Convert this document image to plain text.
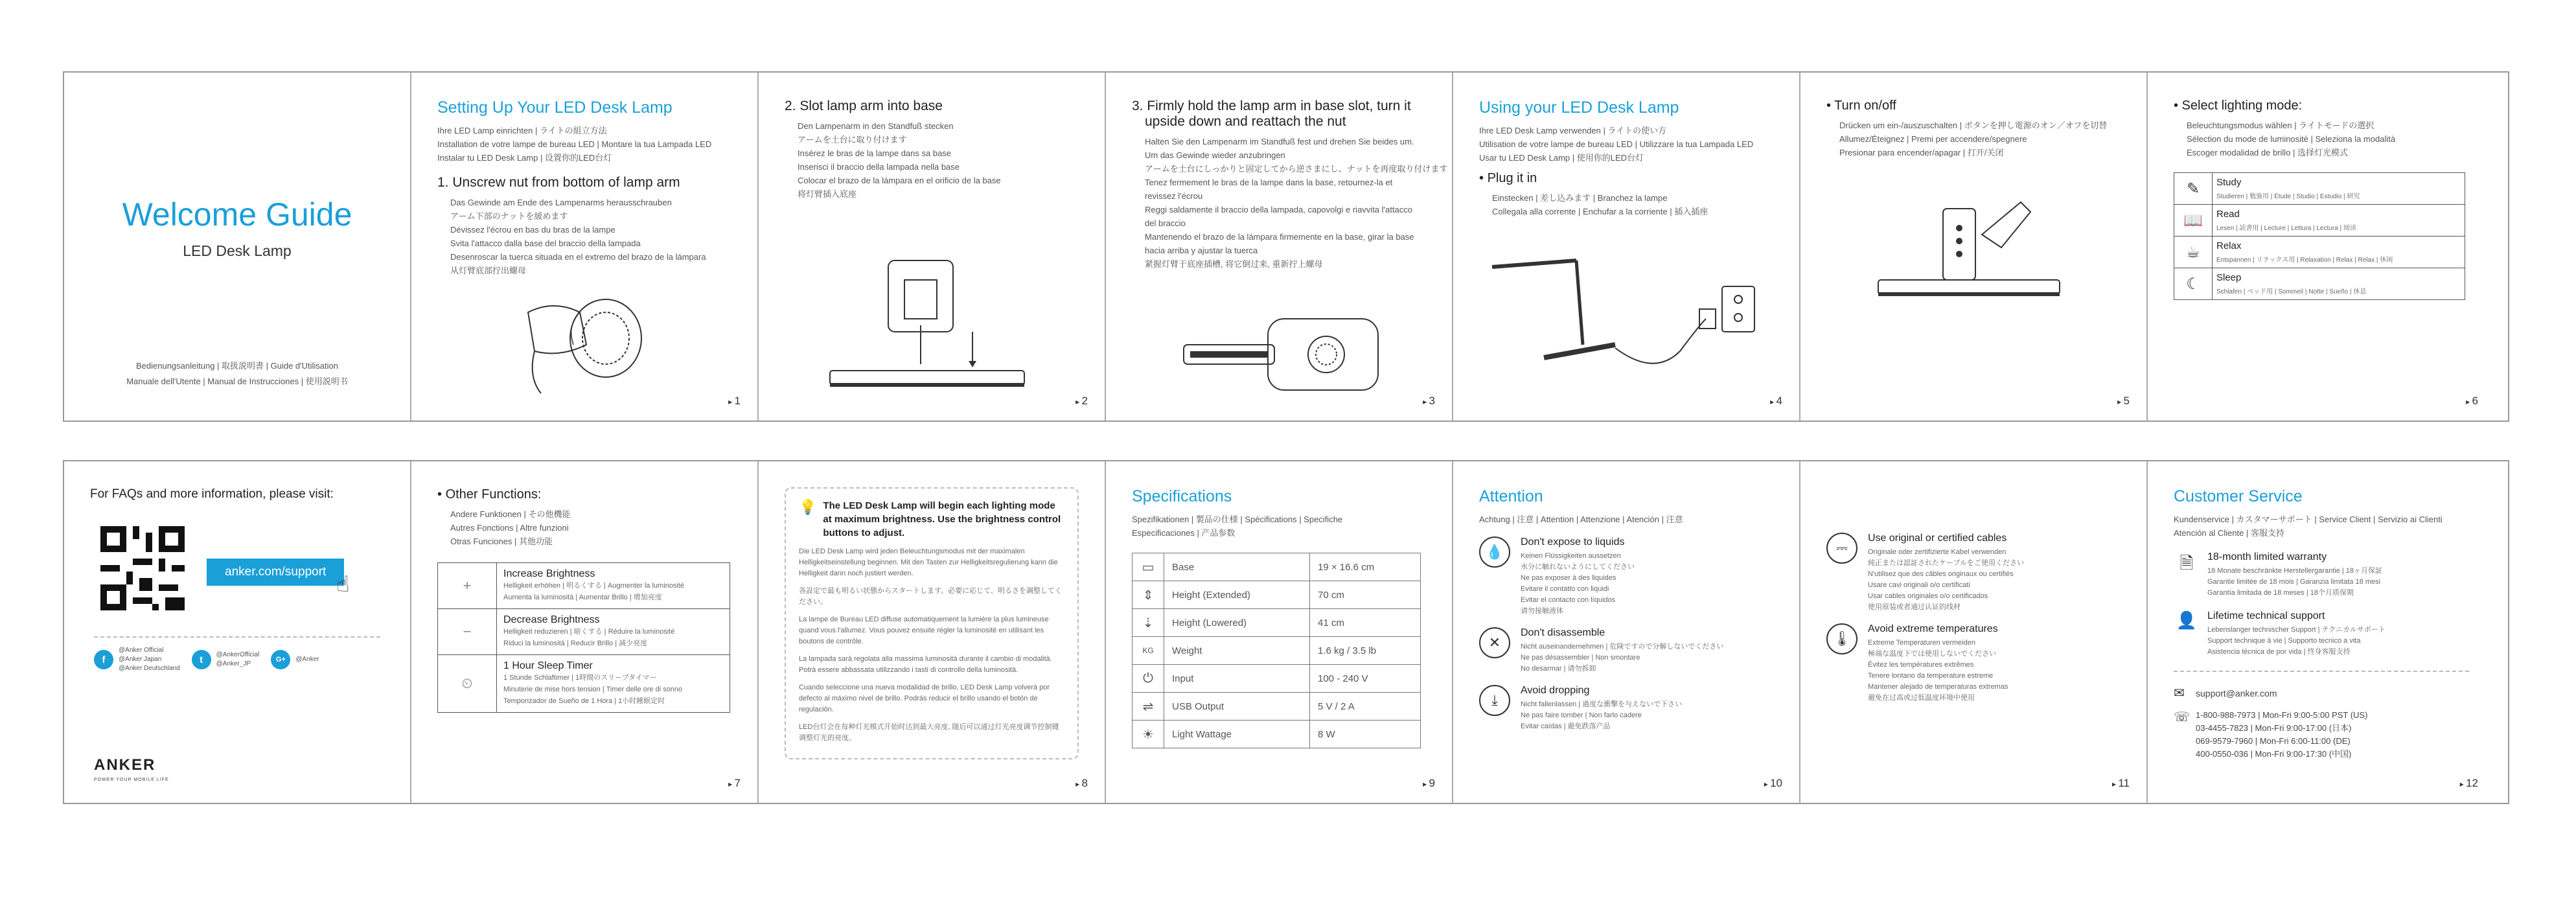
Welcome Guide
LED Desk Lamp
Bedienungsanleitung | 取扱説明書 | Guide d'Utilisation
Manuale dell'Utente | Manual de Instrucciones | 使用説明书
Setting Up Your LED Desk Lamp
Ihre LED Lamp einrichten | ライトの組立方法
Installation de votre lampe de bureau LED | Montare la tua Lampada LED
Instalar tu LED Desk Lamp | 设置你的LED台灯
1. Unscrew nut from bottom of lamp arm
Das Gewinde am Ende des Lampenarms herausschrauben
アーム下部のナットを緩めます
Dévissez l'écrou en bas du bras de la lampe
Svita l'attacco dalla base del braccio della lampada
Desenroscar la tuerca situada en el extremo del brazo de la lámpara
从灯臂底部拧出螺母
▸ 1
2. Slot lamp arm into base
Den Lampenarm in den Standfuß stecken
アームを土台に取り付けます
Insérez le bras de la lampe dans sa base
Inserisci il braccio della lampada nella base
Colocar el brazo de la lámpara en el orificio de la base
将灯臂插入底座
▸ 2
3. Firmly hold the lamp arm in base slot, turn it
upside down and reattach the nut
Halten Sie den Lampenarm im Standfuß fest und drehen Sie beides um.
Um das Gewinde wieder anzubringen
アームを土台にしっかりと固定してから逆さまにし、ナットを再度取り付けます
Tenez fermement le bras de la lampe dans la base, retournez-la et
revissez l'écrou
Reggi saldamente il braccio della lampada, capovolgi e riavvita l'attacco
del braccio
Mantenendo el brazo de la lámpara firmemente en la base, girar la base
hacia arriba y ajustar la tuerca
紧握灯臂于底座插槽, 将它倒过来, 重新拧上螺母
▸ 3
Using your LED Desk Lamp
Ihre LED Desk Lamp verwenden | ライトの使い方
Utilisation de votre lampe de bureau LED | Utilizzare la tua Lampada LED
Usar tu LED Desk Lamp | 使用你的LED台灯
• Plug it in
Einstecken | 差し込みます | Branchez la lampe
Collegala alla corrente | Enchufar a la corriente | 插入插座
▸ 4
• Turn on/off
Drücken um ein-/auszuschalten | ボタンを押し電源のオン／オフを切替
Allumez/Éteignez | Premi per accendere/spegnere
Presionar para encender/apagar | 打开/关闭
▸ 5
• Select lighting mode:
Beleuchtungsmodus wählen | ライトモードの選択
Sélection du mode de luminosité | Seleziona la modalità
Escoger modalidad de brillo | 选择灯光模式
✎	Study
Studieren | 勉強用 | Étude | Studio | Estudio | 研究

📖	Read
Lesen | 読書用 | Lecture | Lettura | Lectura | 阅读

☕	Relax
Entspannen | リラックス用 | Relaxation | Relax | Relax | 休闲

☾	Sleep
Schlafen | ベッド用 | Sommeil | Notte | Sueño | 休息
▸ 6
For FAQs and more information, please visit:
anker.com/support
☝
f
@Anker Official
@Anker Japan
@Anker Deutschland
t	@AnkerOfficial
@Anker_JP
G+	@Anker
ANKER
POWER YOUR MOBILE LIFE
• Other Functions:
Andere Funktionen | その他機能
Autres Fonctions | Altre funzioni
Otras Funciones | 其他功能
+	Increase Brightness
Helligkeit erhöhen | 明るくする | Augmenter la luminosité
Aumenta la luminosità | Aumentar Brillo | 增加亮度

−	Decrease Brightness
Helligkeit reduzieren | 暗くする | Réduire la luminosité
Riduci la luminosità | Reducir Brillo | 减少亮度

⏲	1 Hour Sleep Timer
1 Stunde Schlaftimer | 1時間のスリープタイマー
Minuterie de mise hors tension | Timer delle ore di sonno
Temporizador de Sueño de 1 Hora | 1小时睡眠定时
▸ 7
💡 The LED Desk Lamp will begin each lighting mode at maximum brightness. Use the brightness control buttons to adjust.
Die LED Desk Lamp wird jeden Beleuchtungsmodus mit der maximalen Helligkeitseinstellung beginnen. Mit den Tasten zur Helligkeitsregulierung kann die Helligkeit dann noch justiert werden.
各設定で最も明るい状態からスタートします。必要に応じて、明るさを調整してください。
La lampe de Bureau LED diffuse automatiquement la lumière la plus lumineuse quand vous l'allumez. Vous pouvez ensuite régler la luminosité en utilisant les boutons de contrôle.
La lampada sarà regolata alla massima luminosità durante il cambio di modalità. Potrà essere abbassata utilizzando i tasti di controllo della luminosità.
Cuando seleccione una nueva modalidad de brillo, LED Desk Lamp volverá por defecto al máximo nivel de brillo. Podrás reducir el brillo usando el botón de regulación.
LED台灯会在每种灯光模式开始时达到最大亮度, 随后可以通过灯光亮度调节控制键调整灯光的亮度。
▸ 8
Specifications
Spezifikationen | 製品の仕様 | Spécifications | Specifiche
Especificaciones | 产品参数
▭	Base	19 × 16.6 cm
⇕	Height (Extended)	70 cm
⇣	Height (Lowered)	41 cm
KG	Weight	1.6 kg / 3.5 lb
⏻	Input	100 - 240 V
⇌	USB Output	5 V / 2 A
☀	Light Wattage	8 W
▸ 9
Attention
Achtung | 注意 | Attention | Attenzione | Atención | 注意
💧
Don't expose to liquids
Keinen Flüssigkeiten aussetzen
水分に触れないようにしてください
Ne pas exposer à des liquides
Evitare il contatto con liquidi
Evitar el contacto con líquidos
请勿接触液体
✕
Don't disassemble
Nicht auseinandernehmen | 危険ですので分解しないでください
Ne pas désassembler | Non smontare
No desarmar | 请勿拆卸
⤓
Avoid dropping
Nicht fallenlassen | 過度な衝撃を与えないで下さい
Ne pas faire tomber | Non farlo cadere
Evitar caídas | 避免跌落产品
▸ 10
⎓
Use original or certified cables
Originale oder zertifizierte Kabel verwenden
純正または認証されたケーブルをご使用ください
N'utilisez que des câbles originaux ou certifiés
Usare cavi originali o/o certificati
Usar cables originales o/o certificados
使用原装或者通过认证的线材
🌡
Avoid extreme temperatures
Extreme Temperaturen vermeiden
極端な温度下では使用しないでください
Évitez les températures extrêmes
Tenere lontano da temperature estreme
Mantener alejado de temperaturas extremas
避免在过高或过低温度环境中使用
▸ 11
Customer Service
Kundenservice | カスタマーサポート | Service Client | Servizio ai Clienti
Atención al Cliente | 客服支持
🗎	18-month limited warranty
18 Monate beschränkte Herstellergarantie | 18ヶ月保証
Garantie limitée de 18 mois | Garanzia limitata 18 mesi
Garantía limitada de 18 meses | 18个月质保期
👤 Lifetime technical support
Lebenslanger technischer Support | テクニカルサポート
Support technique à vie | Supporto tecnico a vita
Asistencia técnica de por vida | 终身客服支持
✉	support@anker.com
☏ 1-800-988-7973 | Mon-Fri 9:00-5:00 PST (US)
03-4455-7823 | Mon-Fri 9:00-17:00 (日本)
069-9579-7960 | Mon-Fri 6:00-11:00 (DE)
400-0550-036 | Mon-Fri 9:00-17:30 (中国)
▸ 12
